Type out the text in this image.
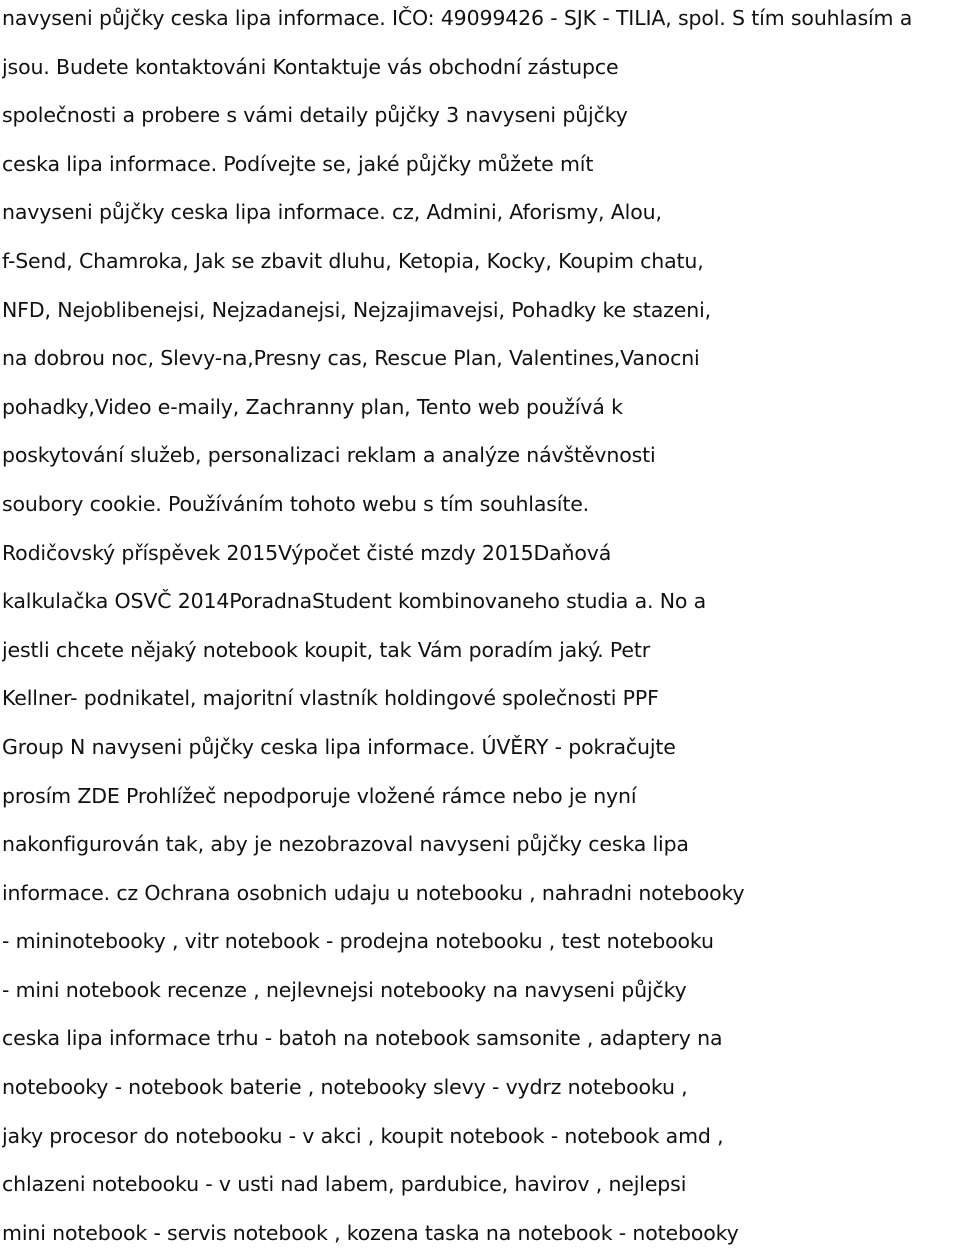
navyseni půjčky ceska lipa informace. IČO: 49099426 - SJK - TILIA, spol. S tím souhlasím a
jsou. Budete kontaktováni Kontaktuje vás obchodní zástupce
společnosti a probere s vámi detaily půjčky 3 navyseni půjčky
ceska lipa informace. Podívejte se, jaké půjčky můžete mít
navyseni půjčky ceska lipa informace. cz, Admini, Aforismy, Alou,
f-Send, Chamroka, Jak se zbavit dluhu, Ketopia, Kocky, Koupim chatu,
NFD, Nejoblibenejsi, Nejzadanejsi, Nejzajimavejsi, Pohadky ke stazeni,
na dobrou noc, Slevy-na,Presny cas, Rescue Plan, Valentines,Vanocni
pohadky,Video e-maily, Zachranny plan, Tento web používá k
poskytování služeb, personalizaci reklam a analýze návštěvnosti
soubory cookie. Používáním tohoto webu s tím souhlasíte.
Rodičovský příspěvek 2015Výpočet čisté mzdy 2015Daňová
kalkulačka OSVČ 2014PoradnaStudent kombinovaneho studia a. No a
jestli chcete nějaký notebook koupit, tak Vám poradím jaký. Petr
Kellner- podnikatel, majoritní vlastník holdingové společnosti PPF
Group N navyseni půjčky ceska lipa informace. ÚVĚRY - pokračujte
prosím ZDE Prohlížeč nepodporuje vložené rámce nebo je nyní
nakonfigurován tak, aby je nezobrazoval navyseni půjčky ceska lipa
informace. cz Ochrana osobnich udaju u notebooku , nahradni notebooky
- mininotebooky , vitr notebook - prodejna notebooku , test notebooku
- mini notebook recenze , nejlevnejsi notebooky na navyseni půjčky
ceska lipa informace trhu - batoh na notebook samsonite , adaptery na
notebooky - notebook baterie , notebooky slevy - vydrz notebooku ,
jaky procesor do notebooku - v akci , koupit notebook - notebook amd ,
chlazeni notebooku - v usti nad labem, pardubice, havirov , nejlepsi
mini notebook - servis notebook , kozena taska na notebook - notebooky
